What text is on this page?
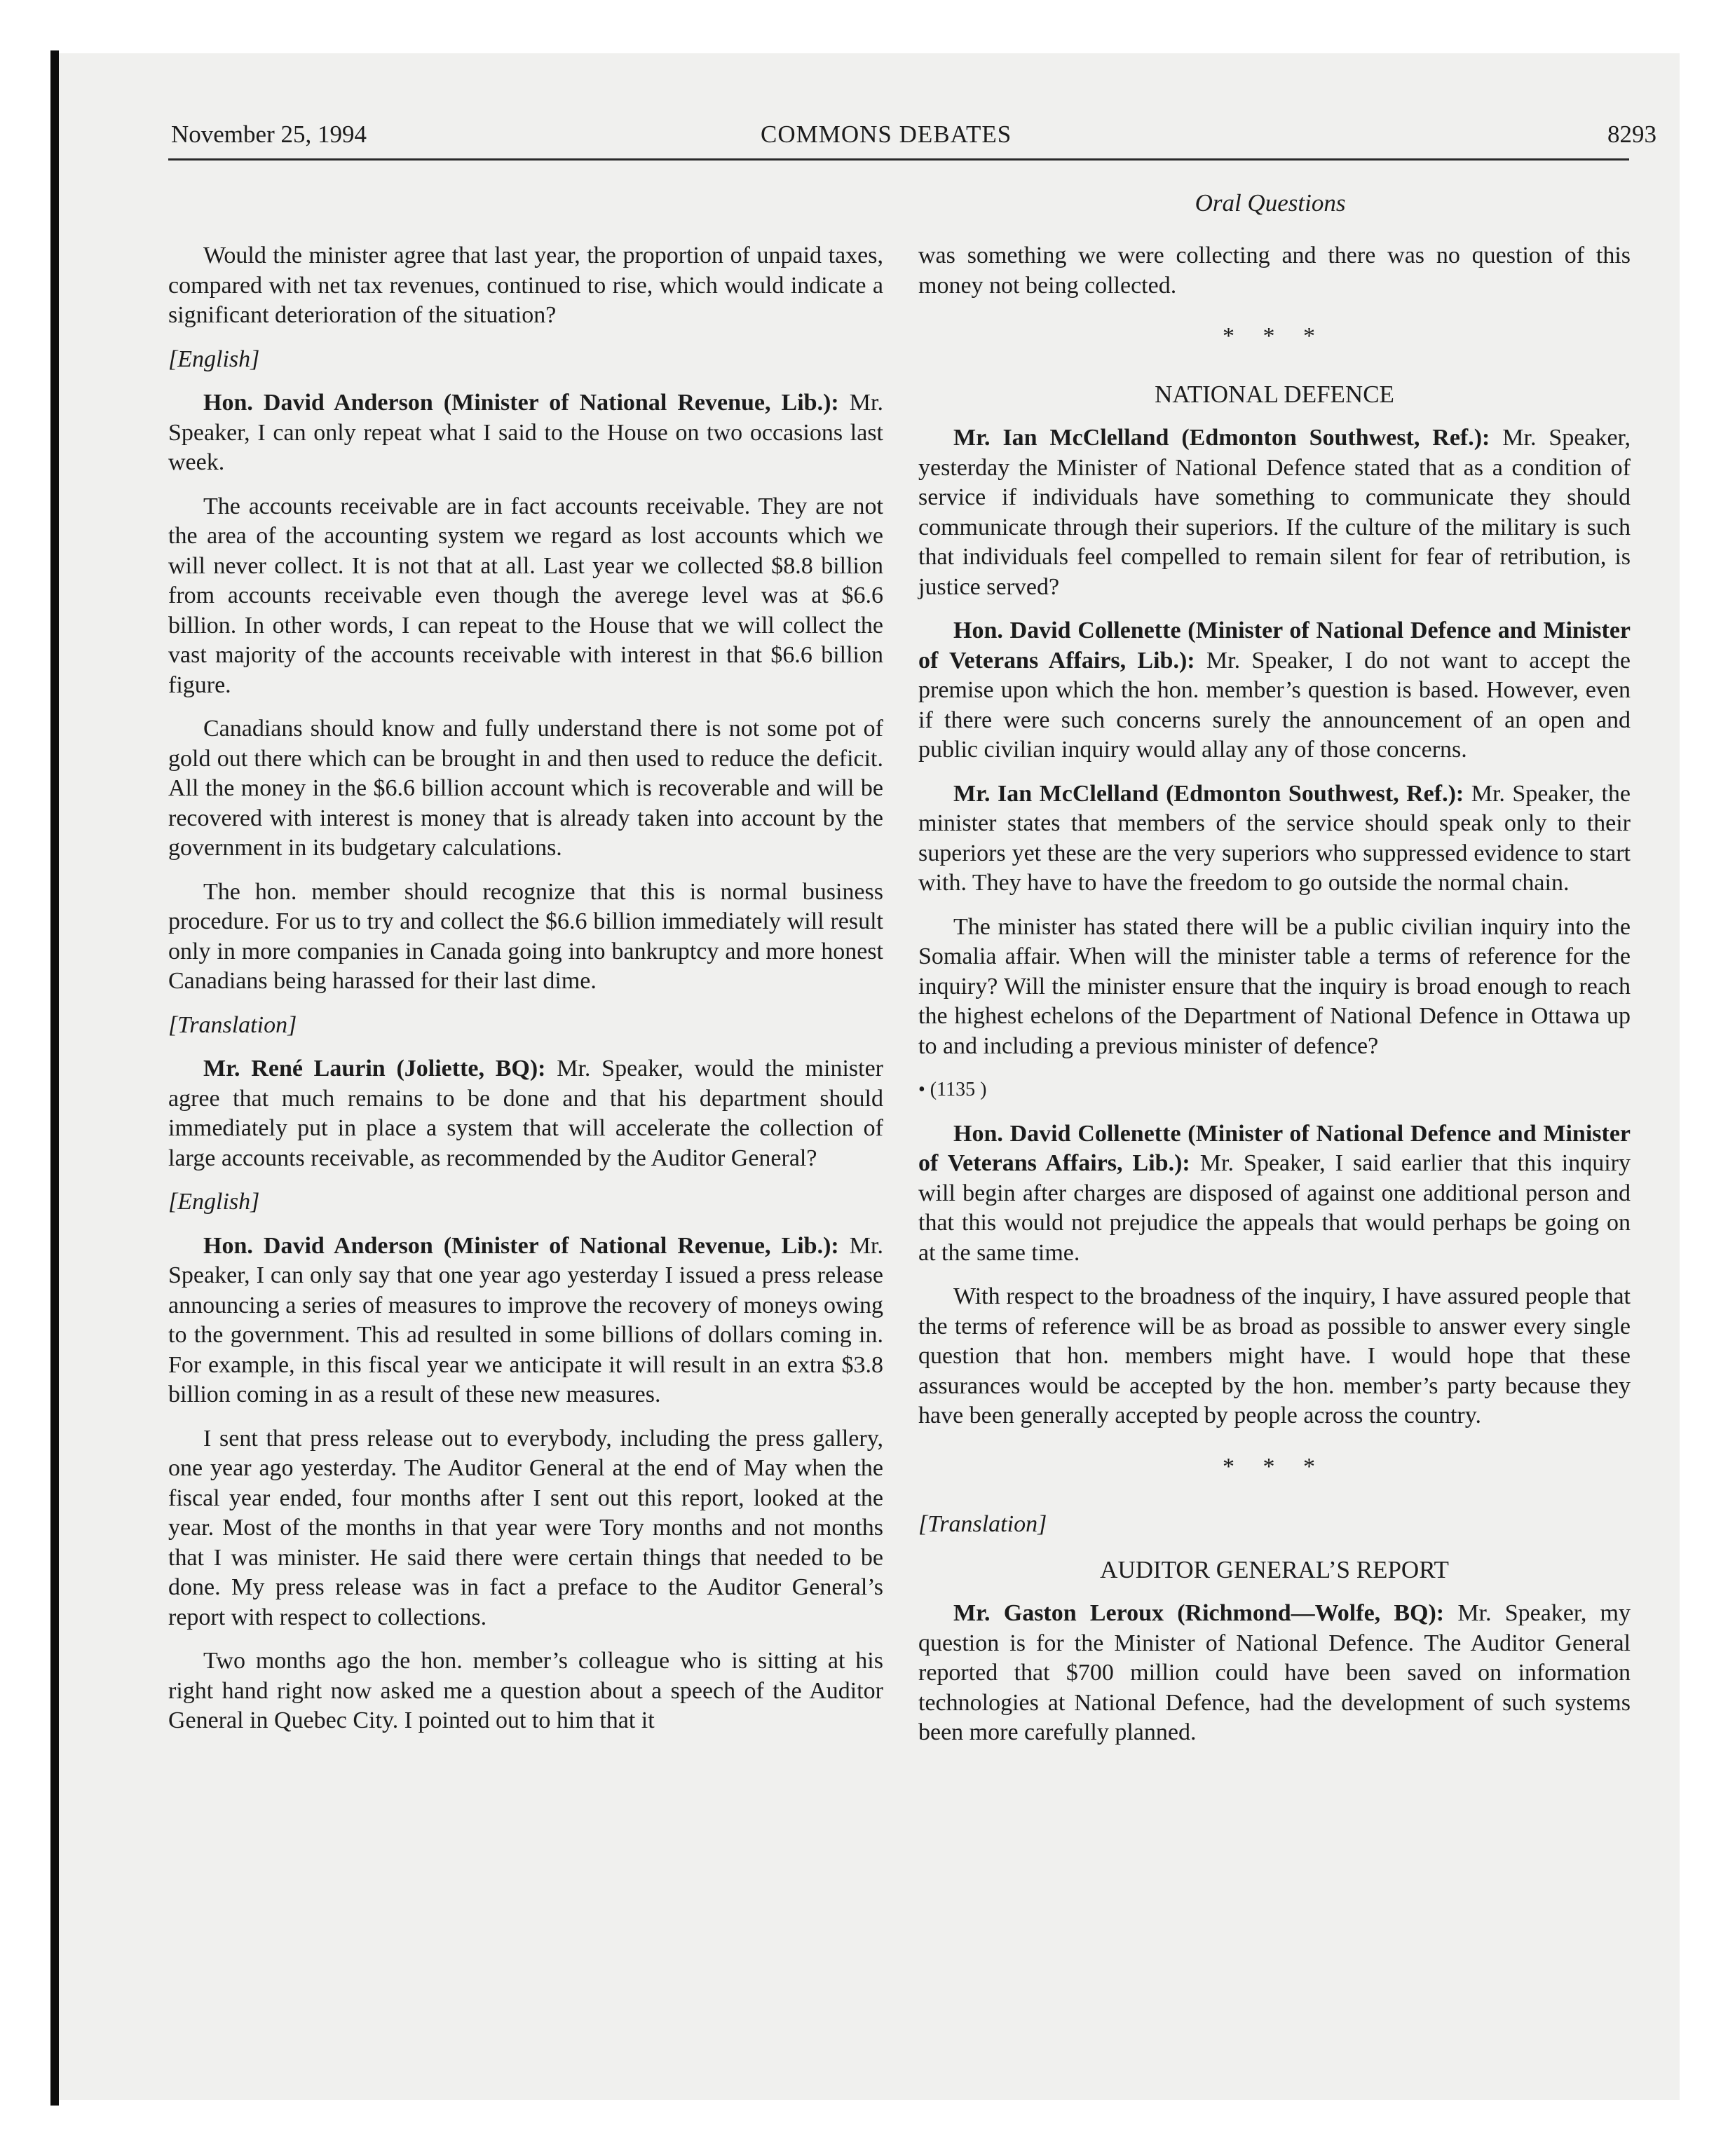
November 25, 1994	COMMONS DEBATES	8293
Oral Questions

Would the minister agree that last year, the proportion of unpaid taxes, compared with net tax revenues, continued to rise, which would indicate a significant deterioration of the situation?

[English]

Hon. David Anderson (Minister of National Revenue, Lib.): Mr. Speaker, I can only repeat what I said to the House on two occasions last week.

The accounts receivable are in fact accounts receivable. They are not the area of the accounting system we regard as lost accounts which we will never collect. It is not that at all. Last year we collected $8.8 billion from accounts receivable even though the averege level was at $6.6 billion. In other words, I can repeat to the House that we will collect the vast majority of the accounts receivable with interest in that $6.6 billion figure.

Canadians should know and fully understand there is not some pot of gold out there which can be brought in and then used to reduce the deficit. All the money in the $6.6 billion account which is recoverable and will be recovered with interest is money that is already taken into account by the government in its budgetary calculations.

The hon. member should recognize that this is normal business procedure. For us to try and collect the $6.6 billion immediately will result only in more companies in Canada going into bankruptcy and more honest Canadians being harassed for their last dime.

[Translation]

Mr. René Laurin (Joliette, BQ): Mr. Speaker, would the minister agree that much remains to be done and that his department should immediately put in place a system that will accelerate the collection of large accounts receivable, as recommended by the Auditor General?

[English]

Hon. David Anderson (Minister of National Revenue, Lib.): Mr. Speaker, I can only say that one year ago yesterday I issued a press release announcing a series of measures to improve the recovery of moneys owing to the government. This ad resulted in some billions of dollars coming in. For example, in this fiscal year we anticipate it will result in an extra $3.8 billion coming in as a result of these new measures.

I sent that press release out to everybody, including the press gallery, one year ago yesterday. The Auditor General at the end of May when the fiscal year ended, four months after I sent out this report, looked at the year. Most of the months in that year were Tory months and not months that I was minister. He said there were certain things that needed to be done. My press release was in fact a preface to the Auditor General’s report with respect to collections.

Two months ago the hon. member’s colleague who is sitting at his right hand right now asked me a question about a speech of the Auditor General in Quebec City. I pointed out to him that it

was something we were collecting and there was no question of this money not being collected.

* * *
NATIONAL DEFENCE

Mr. Ian McClelland (Edmonton Southwest, Ref.): Mr. Speaker, yesterday the Minister of National Defence stated that as a condition of service if individuals have something to communicate they should communicate through their superiors. If the culture of the military is such that individuals feel compelled to remain silent for fear of retribution, is justice served?

Hon. David Collenette (Minister of National Defence and Minister of Veterans Affairs, Lib.): Mr. Speaker, I do not want to accept the premise upon which the hon. member’s question is based. However, even if there were such concerns surely the announcement of an open and public civilian inquiry would allay any of those concerns.

Mr. Ian McClelland (Edmonton Southwest, Ref.): Mr. Speaker, the minister states that members of the service should speak only to their superiors yet these are the very superiors who suppressed evidence to start with. They have to have the freedom to go outside the normal chain.

The minister has stated there will be a public civilian inquiry into the Somalia affair. When will the minister table a terms of reference for the inquiry? Will the minister ensure that the inquiry is broad enough to reach the highest echelons of the Department of National Defence in Ottawa up to and including a previous minister of defence?

• (1135 )

Hon. David Collenette (Minister of National Defence and Minister of Veterans Affairs, Lib.): Mr. Speaker, I said earlier that this inquiry will begin after charges are disposed of against one additional person and that this would not prejudice the appeals that would perhaps be going on at the same time.

With respect to the broadness of the inquiry, I have assured people that the terms of reference will be as broad as possible to answer every single question that hon. members might have. I would hope that these assurances would be accepted by the hon. member’s party because they have been generally accepted by people across the country.

* * *

[Translation]

AUDITOR GENERAL’S REPORT

Mr. Gaston Leroux (Richmond—Wolfe, BQ): Mr. Speaker, my question is for the Minister of National Defence. The Auditor General reported that $700 million could have been saved on information technologies at National Defence, had the development of such systems been more carefully planned.
